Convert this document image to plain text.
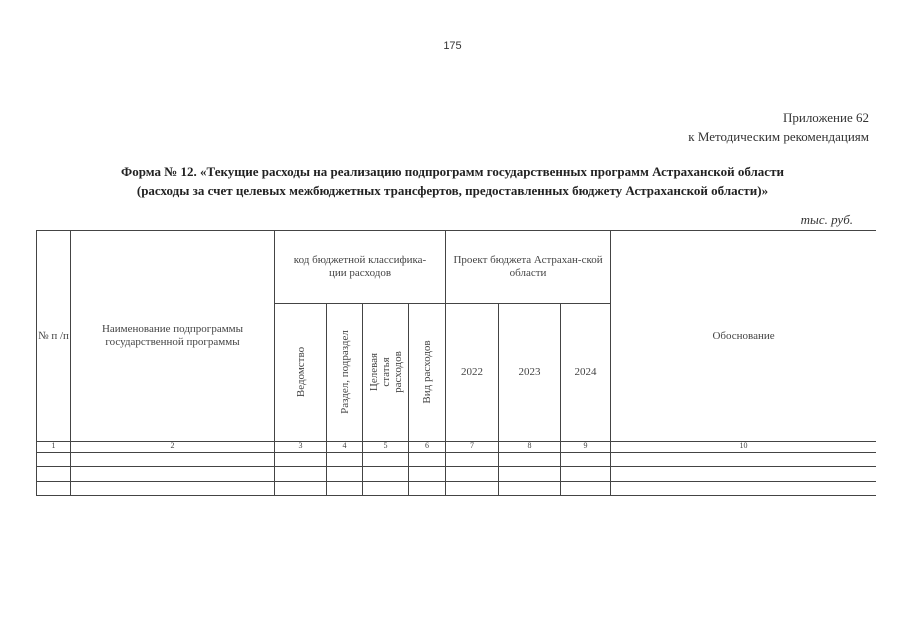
175
Приложение 62
к Методическим рекомендациям
Форма № 12. «Текущие расходы на реализацию подпрограмм государственных программ Астраханской области
(расходы за счет целевых межбюджетных трансфертов, предоставленных бюджету Астраханской области)»
тыс. руб.
№ п /п	Наименование подпрограммы государственной программы	код бюджетной классифика-ции расходов				Проект бюджета Астрахан-ской области			Обоснование

		Ведомство	Раздел, подраздел	Целевая статья расходов	Вид расходов	2022	2023	2024	
1	2	3	4	5	6	7	8	9	10
